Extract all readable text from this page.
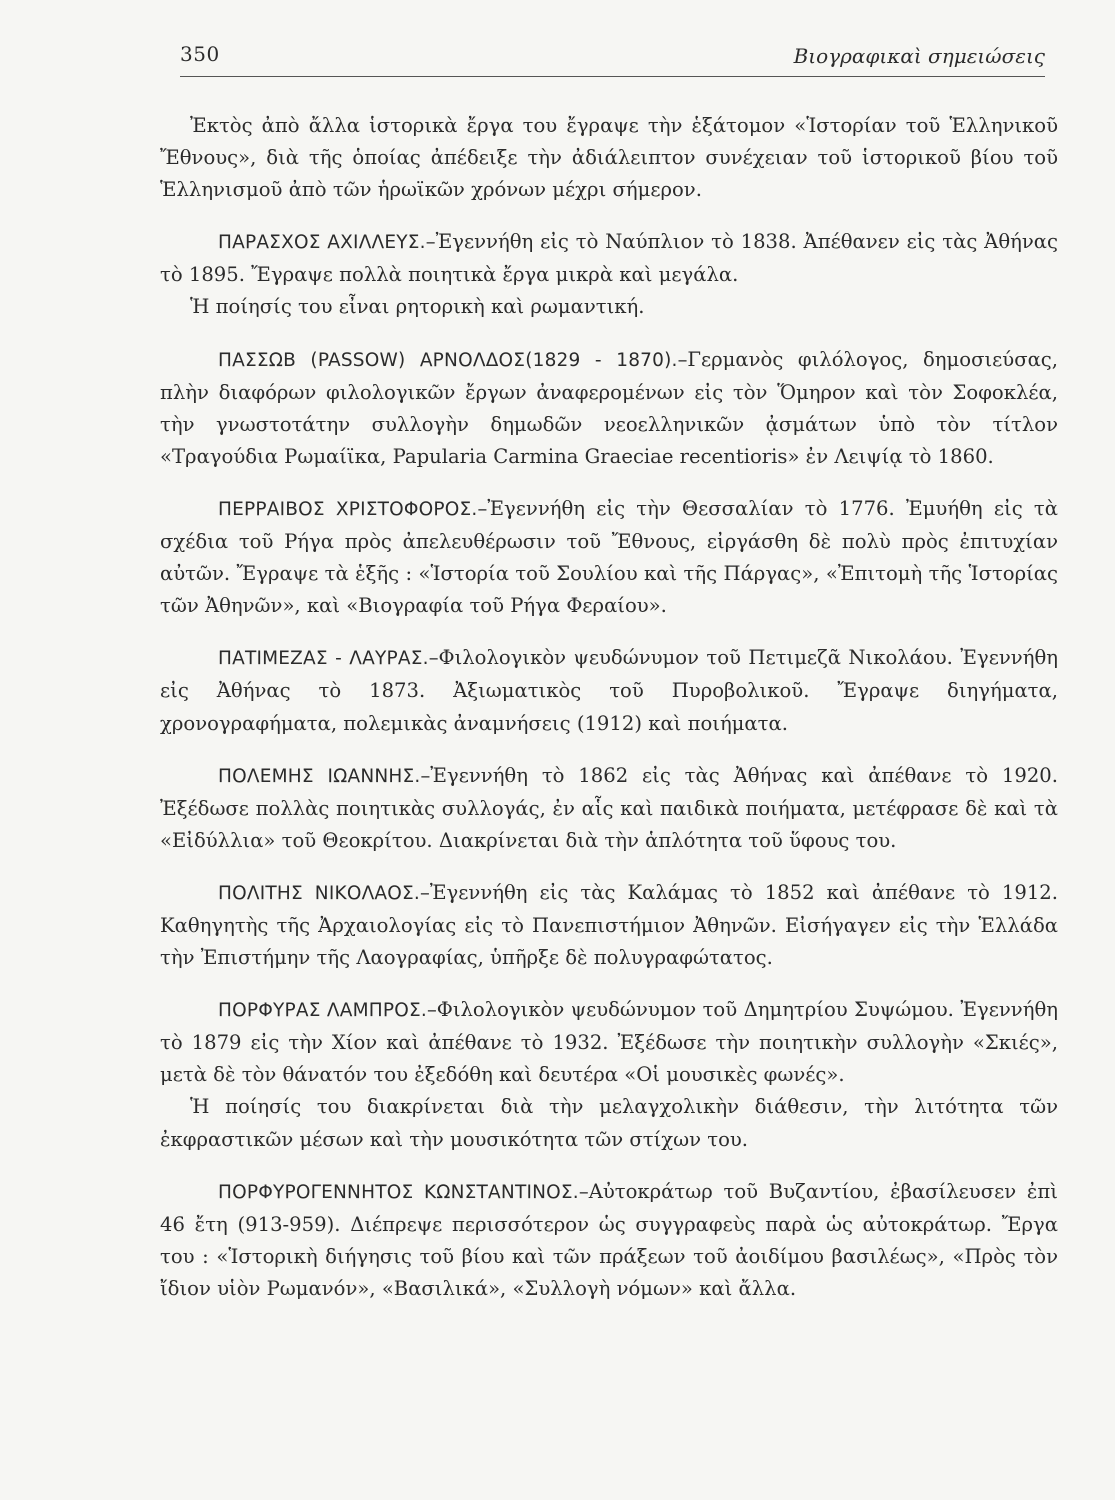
350	Βιογραφικαὶ σημειώσεις

Ἐκτὸς ἀπὸ ἄλλα ἱστορικὰ ἔργα του ἔγραψε τὴν ἑξάτομον «Ἱστορίαν τοῦ Ἑλληνικοῦ Ἔθνους», διὰ τῆς ὁποίας ἀπέδειξε τὴν ἀδιάλειπτον συνέχειαν τοῦ ἱστορικοῦ βίου τοῦ Ἑλληνισμοῦ ἀπὸ τῶν ἡρωϊκῶν χρόνων μέχρι σήμερον.

ΠΑΡΑΣΧΟΣ ΑΧΙΛΛΕΥΣ.–Ἐγεννήθη εἰς τὸ Ναύπλιον τὸ 1838. Ἀπέθανεν εἰς τὰς Ἀθήνας τὸ 1895. Ἔγραψε πολλὰ ποιητικὰ ἔργα μικρὰ καὶ μεγάλα.

Ἡ ποίησίς του εἶναι ρητορικὴ καὶ ρωμαντική.

ΠΑΣΣΩΒ (PASSOW) ΑΡΝΟΛΔΟΣ(1829 - 1870).–Γερμανὸς φιλόλογος, δημοσιεύσας, πλὴν διαφόρων φιλολογικῶν ἔργων ἀναφερομένων εἰς τὸν Ὅμηρον καὶ τὸν Σοφοκλέα, τὴν γνωστοτάτην συλλογὴν δημωδῶν νεοελληνικῶν ᾀσμάτων ὑπὸ τὸν τίτλον «Τραγούδια Ρωμαίϊκα, Papularia Carmina Graeciae recentioris» ἐν Λειψίᾳ τὸ 1860.

ΠΕΡΡΑΙΒΟΣ ΧΡΙΣΤΟΦΟΡΟΣ.–Ἐγεννήθη εἰς τὴν Θεσσαλίαν τὸ 1776. Ἐμυήθη εἰς τὰ σχέδια τοῦ Ρήγα πρὸς ἀπελευθέρωσιν τοῦ Ἔθνους, εἰργάσθη δὲ πολὺ πρὸς ἐπιτυχίαν αὐτῶν. Ἔγραψε τὰ ἑξῆς : «Ἱστορία τοῦ Σουλίου καὶ τῆς Πάργας», «Ἐπιτομὴ τῆς Ἱστορίας τῶν Ἀθηνῶν», καὶ «Βιογραφία τοῦ Ρήγα Φεραίου».

ΠΑΤΙΜΕΖΑΣ - ΛΑΥΡΑΣ.–Φιλολογικὸν ψευδώνυμον τοῦ Πετιμεζᾶ Νικολάου. Ἐγεννήθη εἰς Ἀθήνας τὸ 1873. Ἀξιωματικὸς τοῦ Πυροβολικοῦ. Ἔγραψε διηγήματα, χρονογραφήματα, πολεμικὰς ἀναμνήσεις (1912) καὶ ποιήματα.

ΠΟΛΕΜΗΣ ΙΩΑΝΝΗΣ.–Ἐγεννήθη τὸ 1862 εἰς τὰς Ἀθήνας καὶ ἀπέθανε τὸ 1920. Ἐξέδωσε πολλὰς ποιητικὰς συλλογάς, ἐν αἷς καὶ παιδικὰ ποιήματα, μετέφρασε δὲ καὶ τὰ «Εἰδύλλια» τοῦ Θεοκρίτου. Διακρίνεται διὰ τὴν ἁπλότητα τοῦ ὕφους του.

ΠΟΛΙΤΗΣ ΝΙΚΟΛΑΟΣ.–Ἐγεννήθη εἰς τὰς Καλάμας τὸ 1852 καὶ ἀπέθανε τὸ 1912. Καθηγητὴς τῆς Ἀρχαιολογίας εἰς τὸ Πανεπιστήμιον Ἀθηνῶν. Εἰσήγαγεν εἰς τὴν Ἑλλάδα τὴν Ἐπιστήμην τῆς Λαογραφίας, ὑπῆρξε δὲ πολυγραφώτατος.

ΠΟΡΦΥΡΑΣ ΛΑΜΠΡΟΣ.–Φιλολογικὸν ψευδώνυμον τοῦ Δημητρίου Συψώμου. Ἐγεννήθη τὸ 1879 εἰς τὴν Χίον καὶ ἀπέθανε τὸ 1932. Ἐξέδωσε τὴν ποιητικὴν συλλογὴν «Σκιές», μετὰ δὲ τὸν θάνατόν του ἐξεδόθη καὶ δευτέρα «Οἱ μουσικὲς φωνές».

Ἡ ποίησίς του διακρίνεται διὰ τὴν μελαγχολικὴν διάθεσιν, τὴν λιτότητα τῶν ἐκφραστικῶν μέσων καὶ τὴν μουσικότητα τῶν στίχων του.

ΠΟΡΦΥΡΟΓΕΝΝΗΤΟΣ ΚΩΝΣΤΑΝΤΙΝΟΣ.–Αὐτοκράτωρ τοῦ Βυζαντίου, ἐβασίλευσεν ἐπὶ 46 ἔτη (913-959). Διέπρεψε περισσότερον ὡς συγγραφεὺς παρὰ ὡς αὐτοκράτωρ. Ἔργα του : «Ἱστορικὴ διήγησις τοῦ βίου καὶ τῶν πράξεων τοῦ ἀοιδίμου βασιλέως», «Πρὸς τὸν ἴδιον υἱὸν Ρωμανόν», «Βασιλικά», «Συλλογὴ νόμων» καὶ ἄλλα.
